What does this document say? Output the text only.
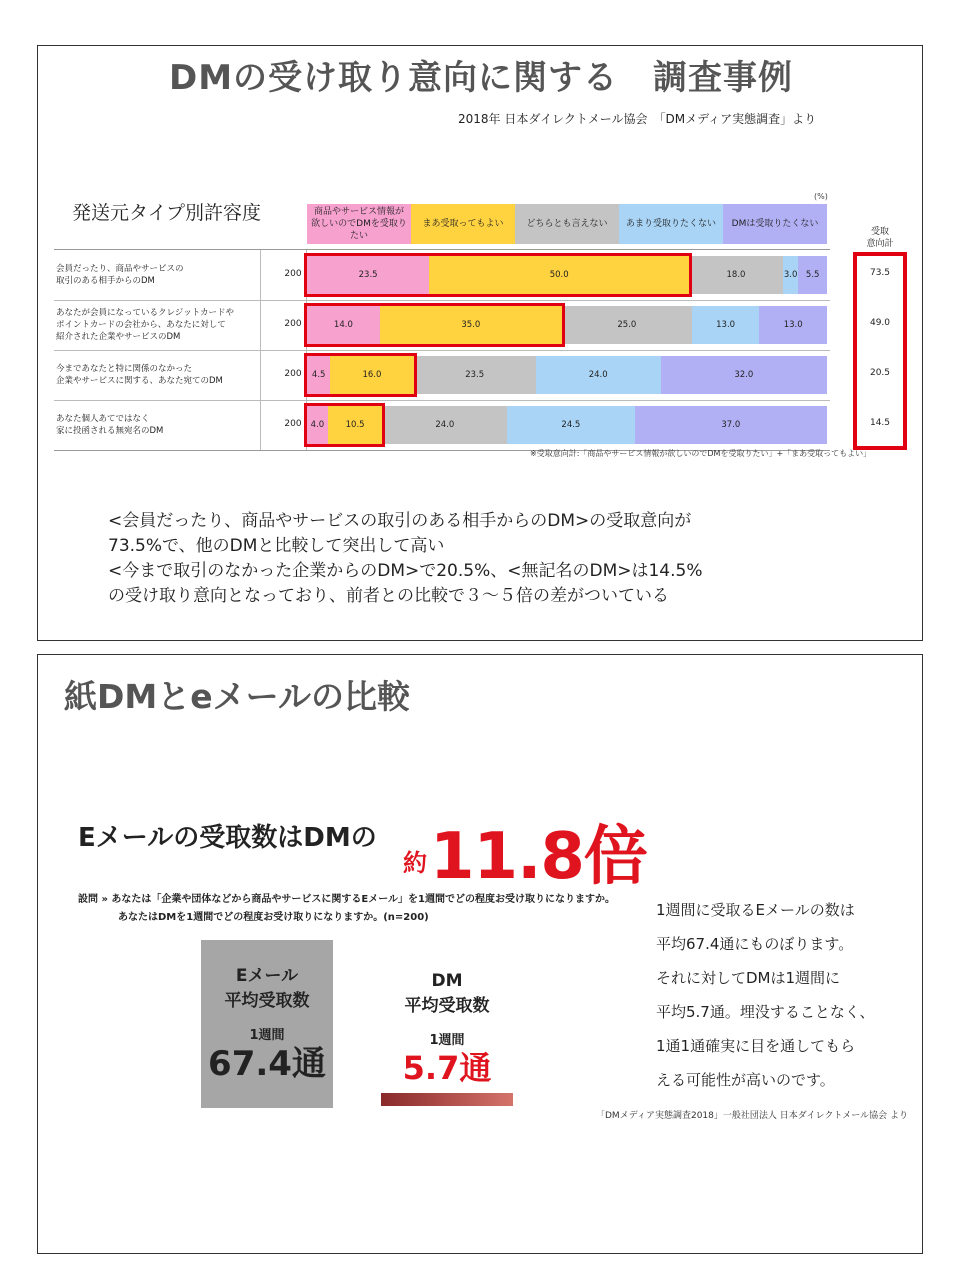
DMの受け取り意向に関する　調査事例
2018年 日本ダイレクトメール協会　「DMメディア実態調査」より
発送元タイプ別許容度
(%)
受取
意向計
会員だったり、商品やサービスの
取引のある相手からのDM
200	23.5	50.0	18.0	3.0 5.5
あなたが会員になっているクレジットカードや
ポイントカードの会社から、あなたに対して
紹介された企業やサービスのDM
200	14.0	35.0	25.0	13.0	13.0
今まであなたと特に関係のなかった
企業やサービスに関する、あなた宛てのDM
200	4.5	16.0	23.5	24.0	32.0
あなた個人あてではなく
家に投函される無宛名のDM
200	4.0	10.5	24.0	24.5	37.0
※受取意向計:「商品やサービス情報が欲しいのでDMを受取りたい」+「まあ受取ってもよい」
<会員だったり、商品やサービスの取引のある相手からのDM>の受取意向が
73.5%で、他のDMと比較して突出して高い
<今まで取引のなかった企業からのDM>で20.5%、<無記名のDM>は14.5%
の受け取り意向となっており、前者との比較で３～５倍の差がついている
商品やサービス情報が
欲しいのでDMを受取りたい
まあ受取ってもよい	どちらとも言えない	あまり受取りたくない	DMは受取りたくない
73.5
49.0
20.5
14.5
紙DMとeメールの比較
Eメールの受取数はDMの
約 11.8倍
設問 » あなたは「企業や団体などから商品やサービスに関するEメール」を1週間でどの程度お受け取りになりますか。
　　　　あなたはDMを1週間でどの程度お受け取りになりますか。(n=200)
Eメール
平均受取数
1週間
67.4通
DM
平均受取数
1週間
5.7通
1週間に受取るEメールの数は
平均67.4通にものぼります。
それに対してDMは1週間に
平均5.7通。埋没することなく、
1通1通確実に目を通してもら
える可能性が高いのです。
「DMメディア実態調査2018」一般社団法人 日本ダイレクトメール協会 より
